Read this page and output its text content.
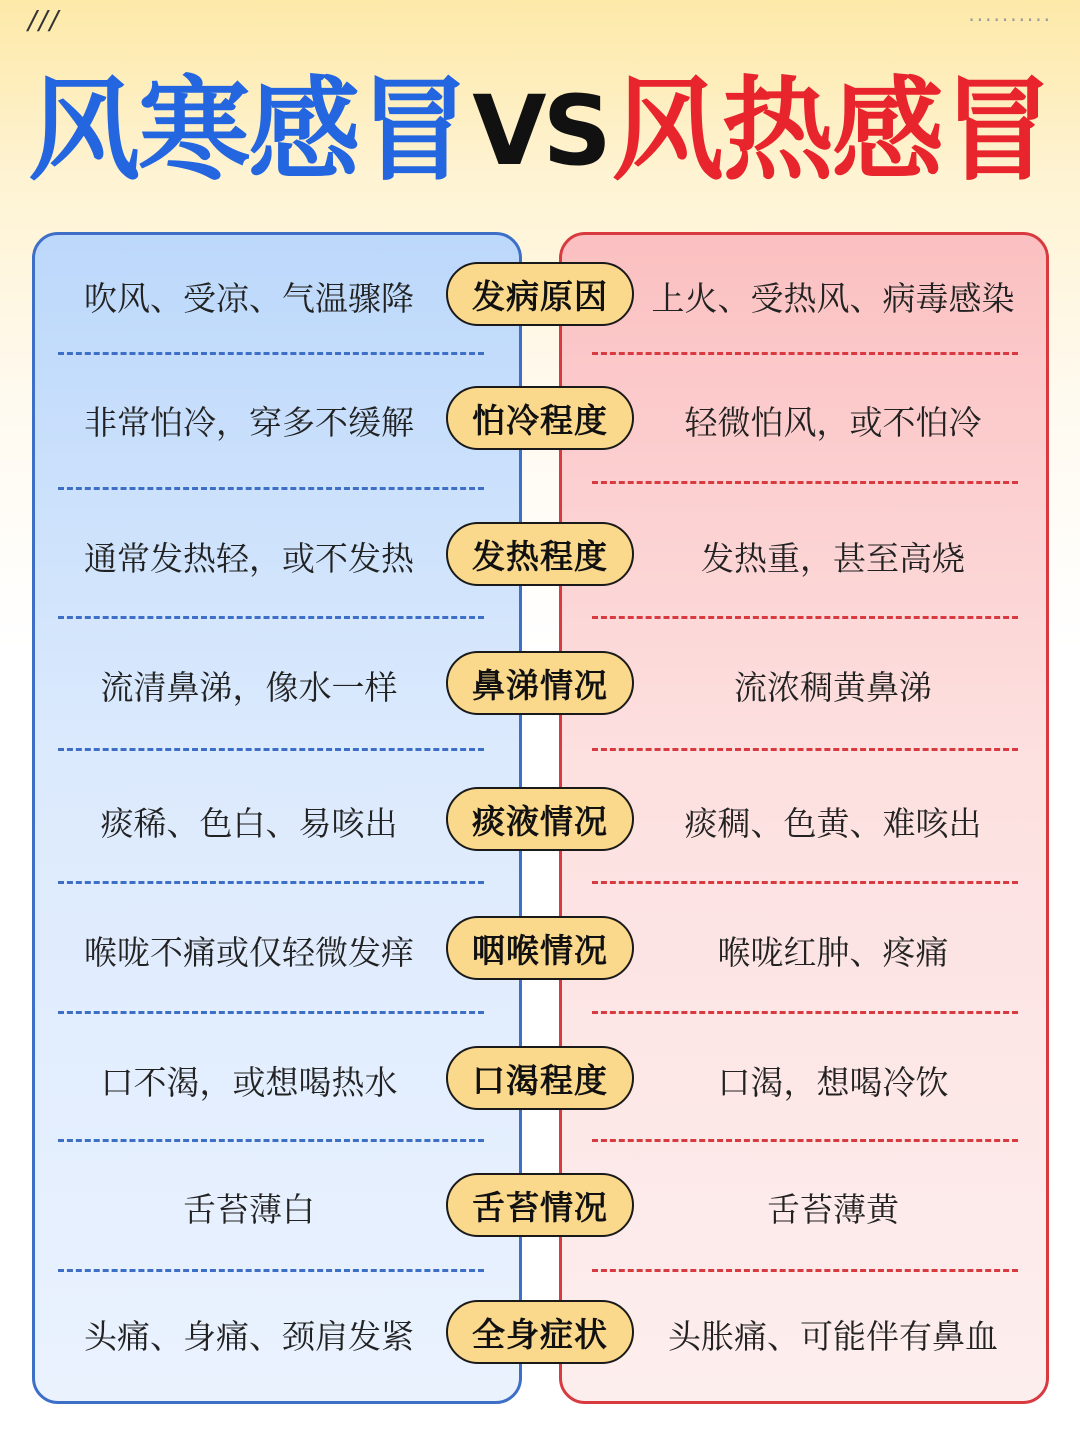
///	··········
风寒感冒 VS 风热感冒
吹风、受凉、气温骤降	发病原因	上火、受热风、病毒感染
非常怕冷，穿多不缓解	怕冷程度	轻微怕风，或不怕冷
通常发热轻，或不发热	发热程度	发热重，甚至高烧
流清鼻涕，像水一样	鼻涕情况	流浓稠黄鼻涕
痰稀、色白、易咳出	痰液情况	痰稠、色黄、难咳出
喉咙不痛或仅轻微发痒	咽喉情况	喉咙红肿、疼痛
口不渴，或想喝热水	口渴程度	口渴，想喝冷饮
舌苔薄白	舌苔情况	舌苔薄黄
头痛、身痛、颈肩发紧	全身症状	头胀痛、可能伴有鼻血
